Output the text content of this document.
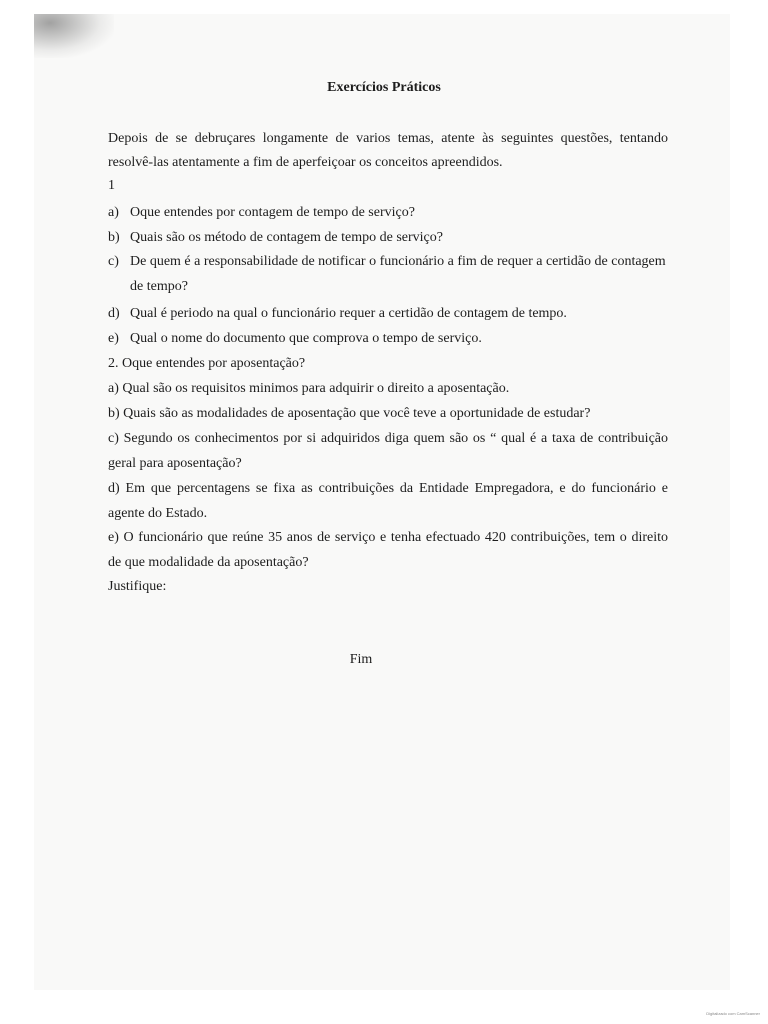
Exercícios Práticos
Depois de se debruçares longamente de varios temas, atente às seguintes questões, tentando resolvê-las atentamente a fim de aperfeiçoar os conceitos apreendidos.
1
a) Oque entendes por contagem de tempo de serviço?
b) Quais são os método de contagem de tempo de serviço?
c) De quem é a responsabilidade de notificar o funcionário a fim de requer a certidão de contagem
de tempo?
d) Qual é periodo na qual o funcionário requer a certidão de contagem de tempo.
e) Qual o nome do documento que comprova o tempo de serviço.
2. Oque entendes por aposentação?
a) Qual são os requisitos minimos para adquirir o direito a aposentação.
b) Quais são as modalidades de aposentação que você teve a oportunidade de estudar?
c) Segundo os conhecimentos por si adquiridos diga quem são os “ qual é a taxa de contribuição
geral para aposentação?
d) Em que percentagens se fixa as contribuições da Entidade Empregadora, e do funcionário e
agente do Estado.
e) O funcionário que reúne 35 anos de serviço e tenha efectuado 420 contribuições, tem o direito
de que modalidade da aposentação?
Justifique:
Fim
Digitalizado com CamScanner
